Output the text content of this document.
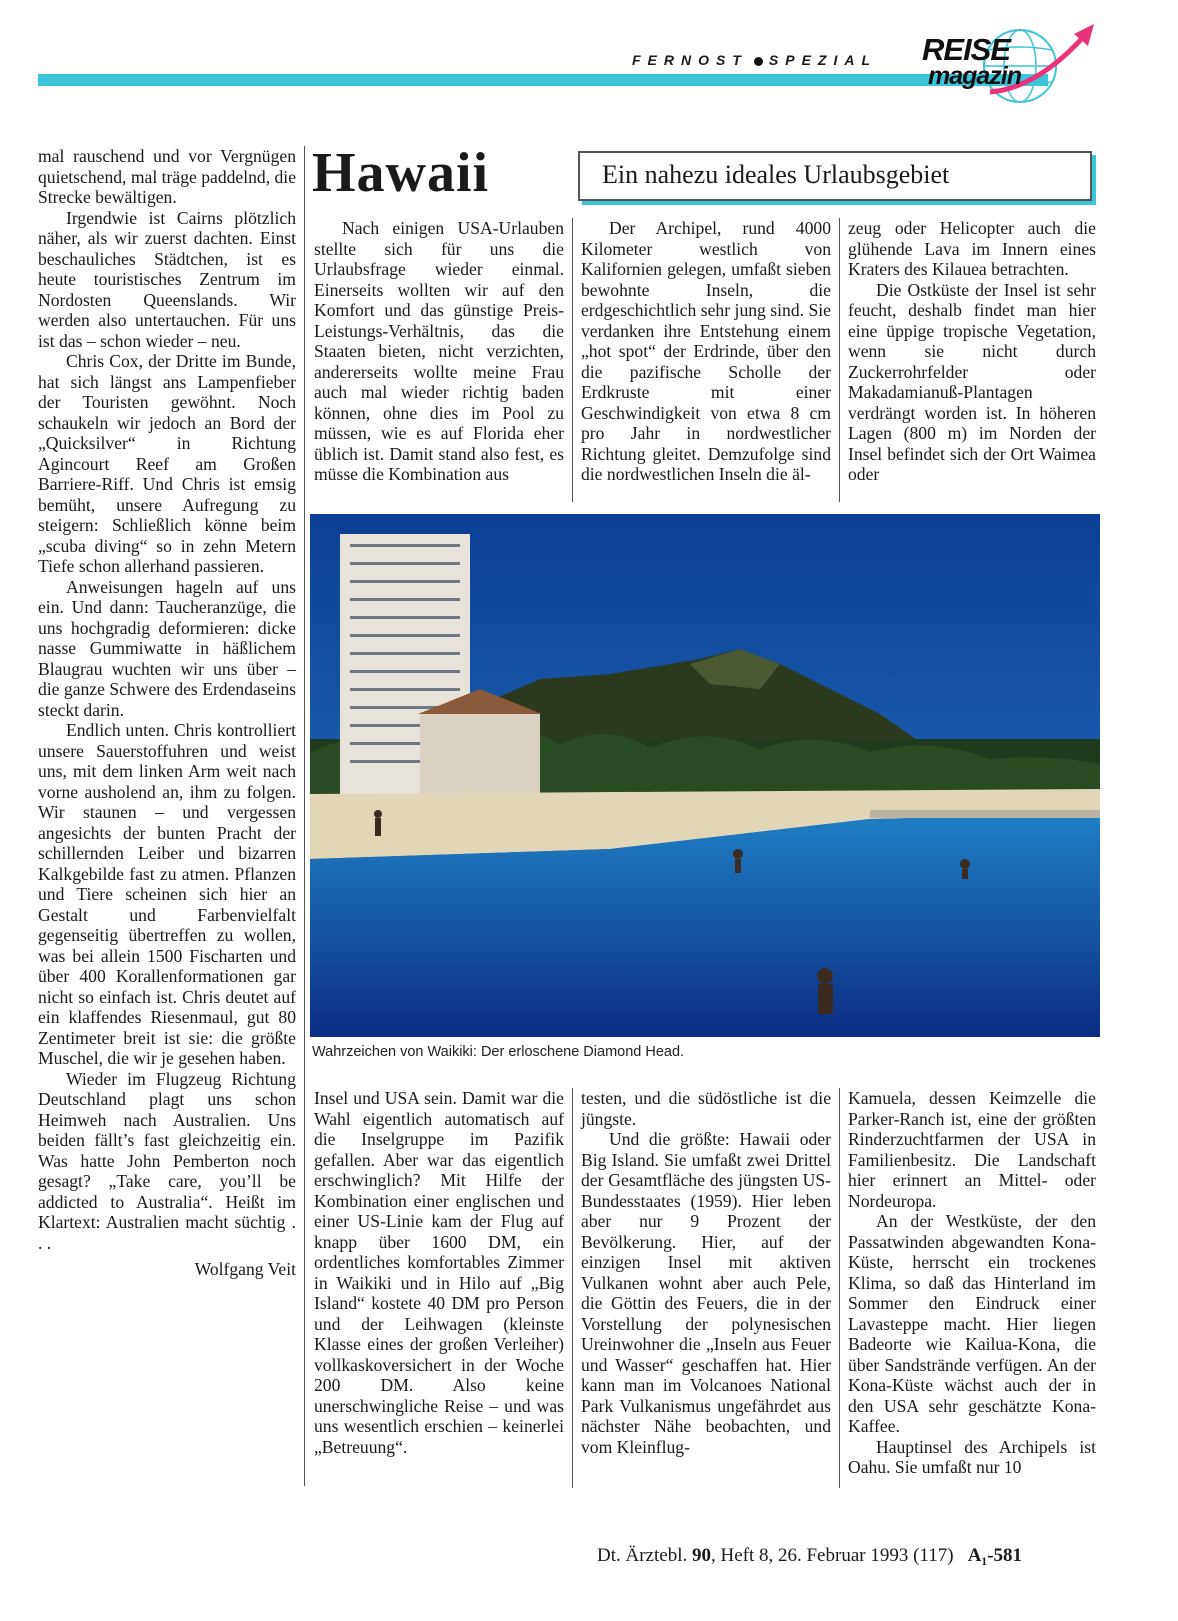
FERNOST SPEZIAL	REISE
magazin

mal rauschend und vor Vergnügen quietschend, mal träge paddelnd, die Strecke bewältigen.

Irgendwie ist Cairns plötzlich näher, als wir zuerst dachten. Einst beschauliches Städtchen, ist es heute touristisches Zentrum im Nordosten Queenslands. Wir werden also untertauchen. Für uns ist das – schon wieder – neu.

Chris Cox, der Dritte im Bunde, hat sich längst ans Lampenfieber der Touristen gewöhnt. Noch schaukeln wir jedoch an Bord der „Quicksilver“ in Richtung Agincourt Reef am Großen Barriere-Riff. Und Chris ist emsig bemüht, unsere Aufregung zu steigern: Schließlich könne beim „scuba diving“ so in zehn Metern Tiefe schon allerhand passieren.

Anweisungen hageln auf uns ein. Und dann: Taucheranzüge, die uns hochgradig deformieren: dicke nasse Gummiwatte in häßlichem Blaugrau wuchten wir uns über – die ganze Schwere des Erdendaseins steckt darin.

Endlich unten. Chris kontrolliert unsere Sauerstoffuhren und weist uns, mit dem linken Arm weit nach vorne ausholend an, ihm zu folgen. Wir staunen – und vergessen angesichts der bunten Pracht der schillernden Leiber und bizarren Kalkgebilde fast zu atmen. Pflanzen und Tiere scheinen sich hier an Gestalt und Farbenvielfalt gegenseitig übertreffen zu wollen, was bei allein 1500 Fischarten und über 400 Korallenformationen gar nicht so einfach ist. Chris deutet auf ein klaffendes Riesenmaul, gut 80 Zentimeter breit ist sie: die größte Muschel, die wir je gesehen haben.

Wieder im Flugzeug Richtung Deutschland plagt uns schon Heimweh nach Australien. Uns beiden fällt’s fast gleichzeitig ein. Was hatte John Pemberton noch gesagt? „Take care, you’ll be addicted to Australia“. Heißt im Klartext: Australien macht süchtig . . .

Wolfgang Veit

Hawaii	Ein nahezu ideales Urlaubsgebiet

Nach einigen USA-Urlauben stellte sich für uns die Urlaubsfrage wieder einmal. Einerseits wollten wir auf den Komfort und das günstige Preis-Leistungs-Verhältnis, das die Staaten bieten, nicht verzichten, andererseits wollte meine Frau auch mal wieder richtig baden können, ohne dies im Pool zu müssen, wie es auf Florida eher üblich ist. Damit stand also fest, es müsse die Kombination aus

Der Archipel, rund 4000 Kilometer westlich von Kalifornien gelegen, umfaßt sieben bewohnte Inseln, die erdgeschichtlich sehr jung sind. Sie verdanken ihre Entstehung einem „hot spot“ der Erdrinde, über den die pazifische Scholle der Erdkruste mit einer Geschwindigkeit von etwa 8 cm pro Jahr in nordwestlicher Richtung gleitet. Demzufolge sind die nordwestlichen Inseln die äl-

zeug oder Helicopter auch die glühende Lava im Innern eines Kraters des Kilaueа betrachten.

Die Ostküste der Insel ist sehr feucht, deshalb findet man hier eine üppige tropische Vegetation, wenn sie nicht durch Zuckerrohrfelder oder Makadamianuß-Plantagen verdrängt worden ist. In höheren Lagen (800 m) im Norden der Insel befindet sich der Ort Waimea oder

Wahrzeichen von Waikiki: Der erloschene Diamond Head.

Insel und USA sein. Damit war die Wahl eigentlich automatisch auf die Inselgruppe im Pazifik gefallen. Aber war das eigentlich erschwinglich? Mit Hilfe der Kombination einer englischen und einer US-Linie kam der Flug auf knapp über 1600 DM, ein ordentliches komfortables Zimmer in Waikiki und in Hilo auf „Big Island“ kostete 40 DM pro Person und der Leihwagen (kleinste Klasse eines der großen Verleiher) vollkaskoversichert in der Woche 200 DM. Also keine unerschwingliche Reise – und was uns wesentlich erschien – keinerlei „Betreuung“.

testen, und die südöstliche ist die jüngste.

Und die größte: Hawaii oder Big Island. Sie umfaßt zwei Drittel der Gesamtfläche des jüngsten US-Bundesstaates (1959). Hier leben aber nur 9 Prozent der Bevölkerung. Hier, auf der einzigen Insel mit aktiven Vulkanen wohnt aber auch Pele, die Göttin des Feuers, die in der Vorstellung der polynesischen Ureinwohner die „Inseln aus Feuer und Wasser“ geschaffen hat. Hier kann man im Volcanoes National Park Vulkanismus ungefährdet aus nächster Nähe beobachten, und vom Kleinflug-

Kamuela, dessen Keimzelle die Parker-Ranch ist, eine der größten Rinderzuchtfarmen der USA in Familienbesitz. Die Landschaft hier erinnert an Mittel- oder Nordeuropa.

An der Westküste, der den Passatwinden abgewandten Kona-Küste, herrscht ein trockenes Klima, so daß das Hinterland im Sommer den Eindruck einer Lavasteppe macht. Hier liegen Badeorte wie Kailua-Kona, die über Sandstrände verfügen. An der Kona-Küste wächst auch der in den USA sehr geschätzte Kona-Kaffee.

Hauptinsel des Archipels ist Oahu. Sie umfaßt nur 10

Dt. Ärztebl. 90, Heft 8, 26. Februar 1993 (117) A₁-581
